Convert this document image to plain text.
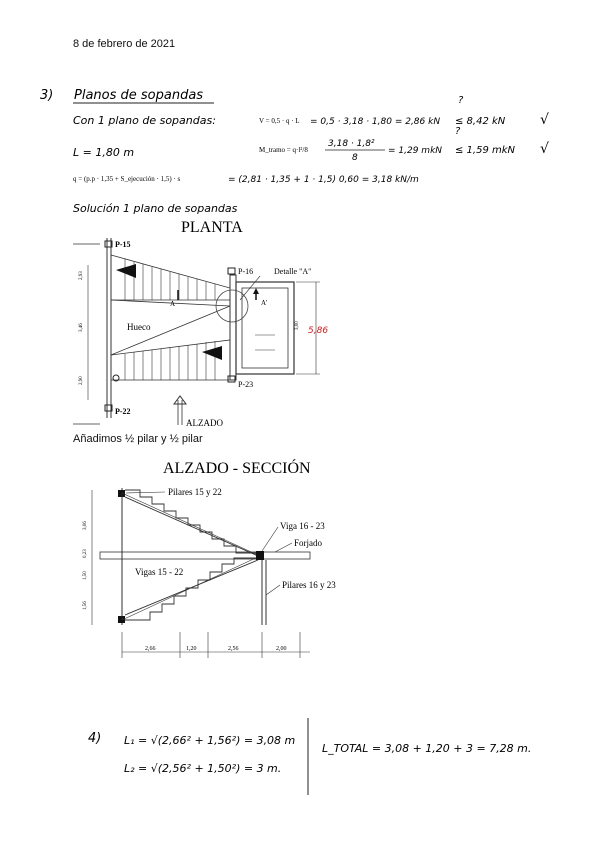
8 de febrero de 2021
3) Planos de sopandas
Con 1 plano de sopandas:	V = 0,5 · q · L = 0,5 · 3,18 · 1,80 = 2,86 kN
?
≤ 8,42 kN √
L = 1,80 m	M_tramo = q·l²/8
3,18 · 1,8²
8
= 1,29 mkN
?
≤ 1,59 mkN √
q = (p.p · 1,35 + S_ejecución · 1,5) · s	= (2,81 · 1,35 + 1 · 1,5) 0,60 = 3,18 kN/m
Solución 1 plano de sopandas
PLANTA
2,93
3,46
2,90
P-15
P-22
Hueco
A
P-16
P-23
Detalle "A"
A'
3,00
5,86
ALZADO
Añadimos ½ pilar y ½ pilar
ALZADO - SECCIÓN
3,06
0,23
1,50
1,56
Pilares 15 y 22
Viga 16 - 23
Forjado
Vigas 15 - 22
Pilares 16 y 23
2,66	1,20	2,56	2,00
4) L₁ = √(2,66² + 1,56²) = 3,08 m
L₂ = √(2,56² + 1,50²) = 3 m.
L_TOTAL = 3,08 + 1,20 + 3 = 7,28 m.
